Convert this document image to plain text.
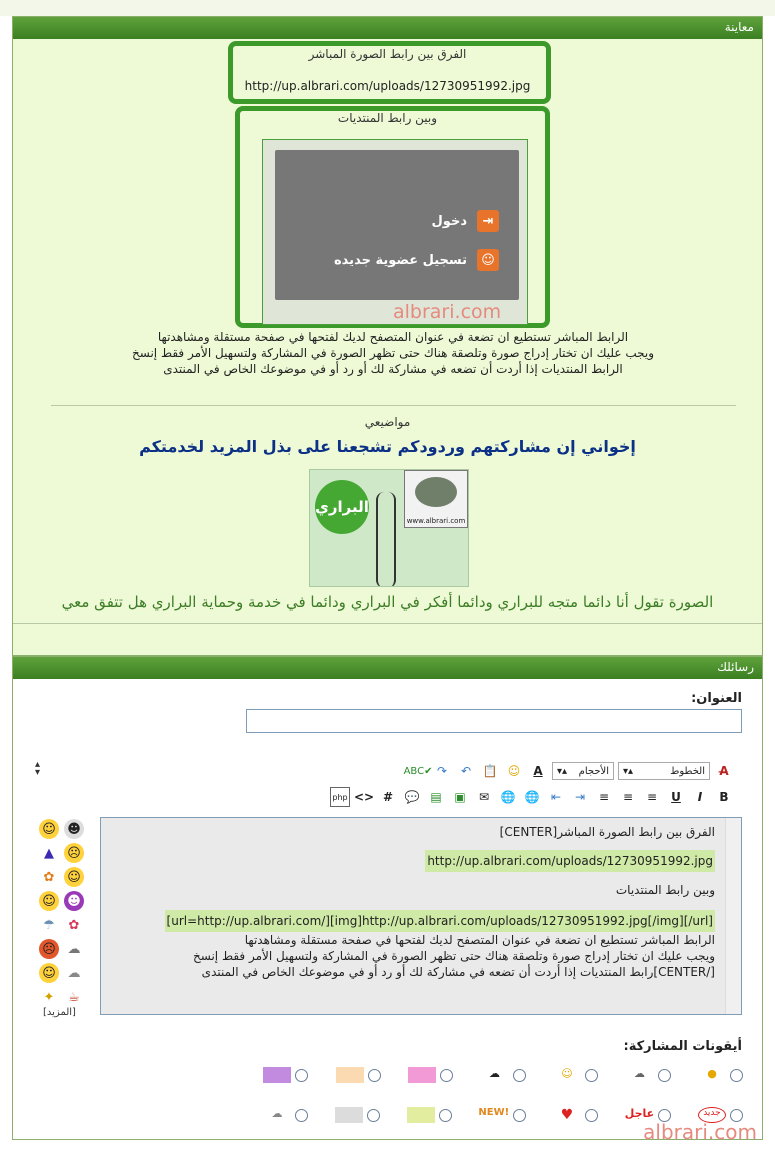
معاينة
الفرق بين رابط الصورة المباشر
http://up.albrari.com/uploads/12730951992.jpg
وبين رابط المنتديات
⇥
دخول
☺
تسجيل عضوية جديده
albrari.com
الرابط المباشر تستطيع ان تضعة في عنوان المتصفح لديك لفتحها في صفحة مستقلة ومشاهدتها
ويجب عليك ان تختار إدراج صورة وتلصقة هناك حتى تظهر الصورة في المشاركة ولتسهيل الأمر فقط إنسخ
الرابط المنتديات إذا أردت أن تضعه في مشاركة لك أو رد أو في موضوعك الخاص في المنتدى
مواضيعي
إخواني إن مشاركتهم وردودكم تشجعنا على بذل المزيد لخدمتكم
البراري
www.albrari.com
الصورة تقول أنا دائما متجه للبراري ودائما أفكر في البراري ودائما في خدمة وحماية البراري هل تتفق معي
رسائلك
العنوان:
▴
▾	A̶
الخطوط
▴▾
الأحجام
▴▾
A
☺
📋
↶
↷
ABC✔
B
I
U
≡
≡
≡
⇥
⇤
🌐
🌐
✉
▣
▤
💬
#
<>
php
☺ ☻
▲	☹
✿ ☺
☺ ☻
☂	✿
☹ ☁
☺ ☁
✦	☕
[المزيد]
الفرق بين رابط الصورة المباشر[CENTER]
http://up.albrari.com/uploads/12730951992.jpg
وبين رابط المنتديات
[url=http://up.albrari.com/][img]http://up.albrari.com/uploads/12730951992.jpg[/img][/url]
الرابط المباشر تستطيع ان تضعة في عنوان المتصفح لديك لفتحها في صفحة مستقلة ومشاهدتها
ويجب عليك ان تختار إدراج صورة وتلصقة هناك حتى تظهر الصورة في المشاركة ولتسهيل الأمر فقط إنسخ
[/CENTER]رابط المنتديات إذا أردت أن تضعه في مشاركة لك أو رد أو في موضوعك الخاص في المنتدى
أيقونات المشاركة:
●
☁
☺
☁
جديد
عاجل
♥
NEW!
☁
albrari.com
